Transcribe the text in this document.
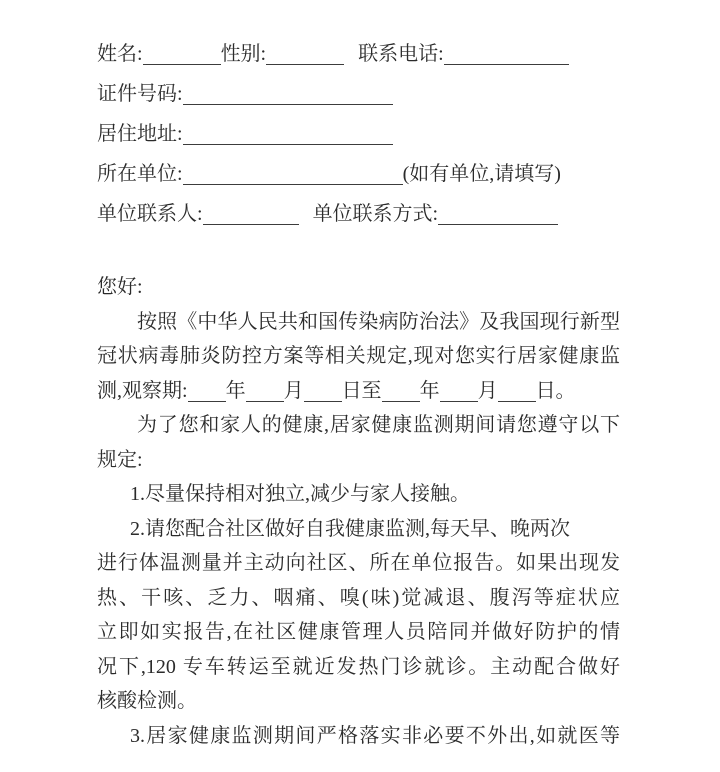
姓名:	性别:	联系电话:
证件号码:
居住地址:
所在单位:	(如有单位,请填写)
单位联系人:	单位联系方式:
您好:
按照《中华人民共和国传染病防治法》及我国现行新型
冠状病毒肺炎防控方案等相关规定,现对您实行居家健康监
测,观察期: 年 月 日至 年 月 日。
为了您和家人的健康,居家健康监测期间请您遵守以下
规定:
1.尽量保持相对独立,减少与家人接触。
2.请您配合社区做好自我健康监测,每天早、晚两次
进行体温测量并主动向社区、所在单位报告。如果出现发
热、干咳、乏力、咽痛、嗅(味)觉减退、腹泻等症状应
立即如实报告,在社区健康管理人员陪同并做好防护的情
况下,120 专车转运至就近发热门诊就诊。主动配合做好
核酸检测。
3.居家健康监测期间严格落实非必要不外出,如就医等
